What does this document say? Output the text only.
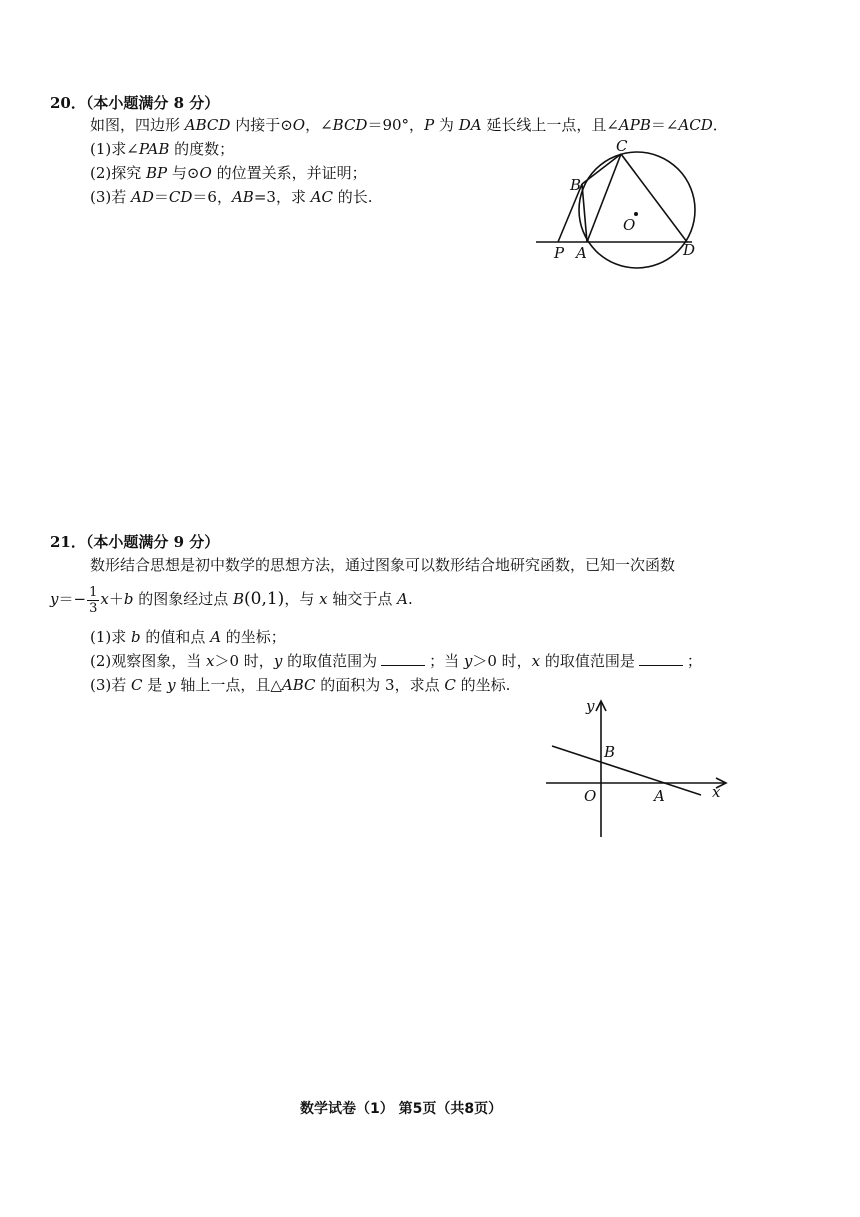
20．（本小题满分 8 分）
如图，四边形 ABCD 内接于⊙O，∠BCD＝90°，P 为 DA 延长线上一点，且∠APB＝∠ACD．
(1)求∠PAB 的度数；
(2)探究 BP 与⊙O 的位置关系，并证明；
(3)若 AD＝CD＝6，AB=3，求 AC 的长.
C
B
O
P A	D
21．（本小题满分 9 分）
数形结合思想是初中数学的思想方法，通过图象可以数形结合地研究函数，已知一次函数
$y=- \frac{1}{3} x+b$ 的图象经过点 B(0,1)，与 x 轴交于点 A.
(1)求 b 的值和点 A 的坐标；
(2)观察图象，当 x＞0 时，y 的取值范围为	；当 y＞0 时，x 的取值范围是	；
(3)若 C 是 y 轴上一点，且△ABC 的面积为 3，求点 C 的坐标.
y
x
B
O	A
数学试卷（1） 第5页（共8页）
